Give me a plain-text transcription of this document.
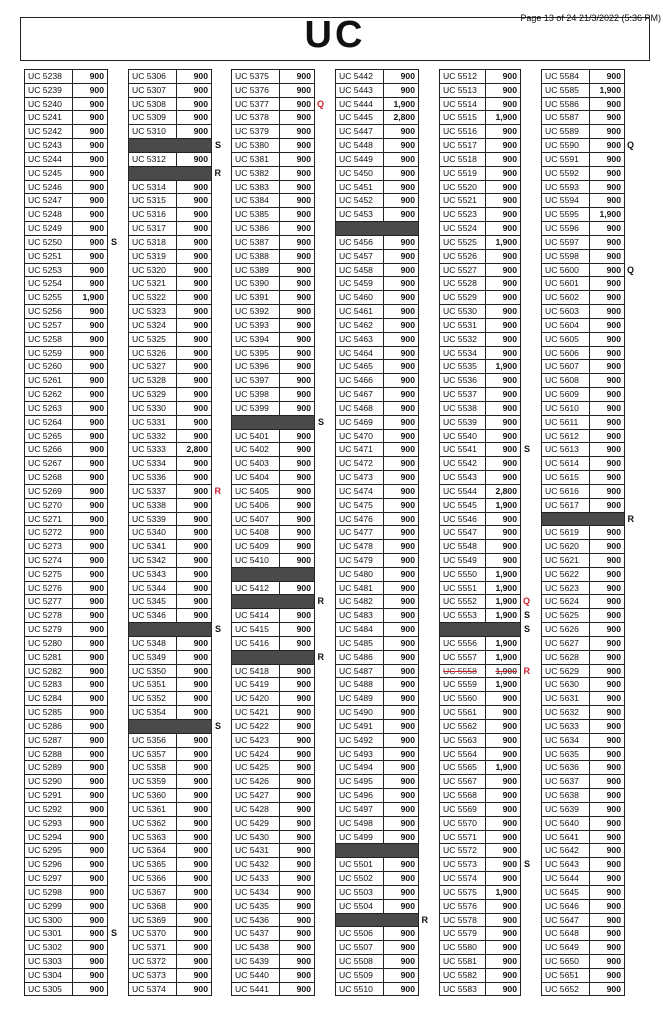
UC	Page 13 of 24 21/3/2022 (5:36 PM)
UC 5238	900
UC 5239	900
UC 5240	900
UC 5241	900
UC 5242	900
UC 5243	900
UC 5244	900
UC 5245	900
UC 5246	900
UC 5247	900
UC 5248	900
UC 5249	900
UC 5250	900 S
UC 5251	900
UC 5253	900
UC 5254	900
UC 5255	1,900
UC 5256	900
UC 5257	900
UC 5258	900
UC 5259	900
UC 5260	900
UC 5261	900
UC 5262	900
UC 5263	900
UC 5264	900
UC 5265	900
UC 5266	900
UC 5267	900
UC 5268	900
UC 5269	900
UC 5270	900
UC 5271	900
UC 5272	900
UC 5273	900
UC 5274	900
UC 5275	900
UC 5276	900
UC 5277	900
UC 5278	900
UC 5279	900
UC 5280	900
UC 5281	900
UC 5282	900
UC 5283	900
UC 5284	900
UC 5285	900
UC 5286	900
UC 5287	900
UC 5288	900
UC 5289	900
UC 5290	900
UC 5291	900
UC 5292	900
UC 5293	900
UC 5294	900
UC 5295	900
UC 5296	900
UC 5297	900
UC 5298	900
UC 5299	900
UC 5300	900
UC 5301	900 S
UC 5302	900
UC 5303	900
UC 5304	900
UC 5305	900
UC 5306	900
UC 5307	900
UC 5308	900
UC 5309	900
UC 5310	900
S
UC 5312	900
R
UC 5314	900
UC 5315	900
UC 5316	900
UC 5317	900
UC 5318	900
UC 5319	900
UC 5320	900
UC 5321	900
UC 5322	900
UC 5323	900
UC 5324	900
UC 5325	900
UC 5326	900
UC 5327	900
UC 5328	900
UC 5329	900
UC 5330	900
UC 5331	900
UC 5332	900
UC 5333	2,800
UC 5334	900
UC 5336	900
UC 5337	900 R
UC 5338	900
UC 5339	900
UC 5340	900
UC 5341	900
UC 5342	900
UC 5343	900
UC 5344	900
UC 5345	900
UC 5346	900
S
UC 5348	900
UC 5349	900
UC 5350	900
UC 5351	900
UC 5352	900
UC 5354	900
S
UC 5356	900
UC 5357	900
UC 5358	900
UC 5359	900
UC 5360	900
UC 5361	900
UC 5362	900
UC 5363	900
UC 5364	900
UC 5365	900
UC 5366	900
UC 5367	900
UC 5368	900
UC 5369	900
UC 5370	900
UC 5371	900
UC 5372	900
UC 5373	900
UC 5374	900
UC 5375	900
UC 5376	900
UC 5377	900 Q
UC 5378	900
UC 5379	900
UC 5380	900
UC 5381	900
UC 5382	900
UC 5383	900
UC 5384	900
UC 5385	900
UC 5386	900
UC 5387	900
UC 5388	900
UC 5389	900
UC 5390	900
UC 5391	900
UC 5392	900
UC 5393	900
UC 5394	900
UC 5395	900
UC 5396	900
UC 5397	900
UC 5398	900
UC 5399	900
S
UC 5401	900
UC 5402	900
UC 5403	900
UC 5404	900
UC 5405	900
UC 5406	900
UC 5407	900
UC 5408	900
UC 5409	900
UC 5410	900
UC 5412	900
R
UC 5414	900
UC 5415	900
UC 5416	900
R
UC 5418	900
UC 5419	900
UC 5420	900
UC 5421	900
UC 5422	900
UC 5423	900
UC 5424	900
UC 5425	900
UC 5426	900
UC 5427	900
UC 5428	900
UC 5429	900
UC 5430	900
UC 5431	900
UC 5432	900
UC 5433	900
UC 5434	900
UC 5435	900
UC 5436	900
UC 5437	900
UC 5438	900
UC 5439	900
UC 5440	900
UC 5441	900
UC 5442	900
UC 5443	900
UC 5444	1,900
UC 5445	2,800
UC 5447	900
UC 5448	900
UC 5449	900
UC 5450	900
UC 5451	900
UC 5452	900
UC 5453	900
UC 5456	900
UC 5457	900
UC 5458	900
UC 5459	900
UC 5460	900
UC 5461	900
UC 5462	900
UC 5463	900
UC 5464	900
UC 5465	900
UC 5466	900
UC 5467	900
UC 5468	900
UC 5469	900
UC 5470	900
UC 5471	900
UC 5472	900
UC 5473	900
UC 5474	900
UC 5475	900
UC 5476	900
UC 5477	900
UC 5478	900
UC 5479	900
UC 5480	900
UC 5481	900
UC 5482	900
UC 5483	900
UC 5484	900
UC 5485	900
UC 5486	900
UC 5487	900
UC 5488	900
UC 5489	900
UC 5490	900
UC 5491	900
UC 5492	900
UC 5493	900
UC 5494	900
UC 5495	900
UC 5496	900
UC 5497	900
UC 5498	900
UC 5499	900
UC 5501	900
UC 5502	900
UC 5503	900
UC 5504	900
R
UC 5506	900
UC 5507	900
UC 5508	900
UC 5509	900
UC 5510	900
UC 5512	900
UC 5513	900
UC 5514	900
UC 5515	1,900
UC 5516	900
UC 5517	900
UC 5518	900
UC 5519	900
UC 5520	900
UC 5521	900
UC 5523	900
UC 5524	900
UC 5525	1,900
UC 5526	900
UC 5527	900
UC 5528	900
UC 5529	900
UC 5530	900
UC 5531	900
UC 5532	900
UC 5534	900
UC 5535	1,900
UC 5536	900
UC 5537	900
UC 5538	900
UC 5539	900
UC 5540	900
UC 5541	900 S
UC 5542	900
UC 5543	900
UC 5544	2,800
UC 5545	1,900
UC 5546	900
UC 5547	900
UC 5548	900
UC 5549	900
UC 5550	1,900
UC 5551	1,900
UC 5552	1,900 Q
UC 5553	1,900 S
S
UC 5556	1,900
UC 5557	1,900
UC 5558	1,900 R
UC 5559	1,900
UC 5560	900
UC 5561	900
UC 5562	900
UC 5563	900
UC 5564	900
UC 5565	1,900
UC 5567	900
UC 5568	900
UC 5569	900
UC 5570	900
UC 5571	900
UC 5572	900
UC 5573	900 S
UC 5574	900
UC 5575	1,900
UC 5576	900
UC 5578	900
UC 5579	900
UC 5580	900
UC 5581	900
UC 5582	900
UC 5583	900
UC 5584	900
UC 5585	1,900
UC 5586	900
UC 5587	900
UC 5589	900
UC 5590	900 Q
UC 5591	900
UC 5592	900
UC 5593	900
UC 5594	900
UC 5595	1,900
UC 5596	900
UC 5597	900
UC 5598	900
UC 5600	900 Q
UC 5601	900
UC 5602	900
UC 5603	900
UC 5604	900
UC 5605	900
UC 5606	900
UC 5607	900
UC 5608	900
UC 5609	900
UC 5610	900
UC 5611	900
UC 5612	900
UC 5613	900
UC 5614	900
UC 5615	900
UC 5616	900
UC 5617	900
R
UC 5619	900
UC 5620	900
UC 5621	900
UC 5622	900
UC 5623	900
UC 5624	900
UC 5625	900
UC 5626	900
UC 5627	900
UC 5628	900
UC 5629	900
UC 5630	900
UC 5631	900
UC 5632	900
UC 5633	900
UC 5634	900
UC 5635	900
UC 5636	900
UC 5637	900
UC 5638	900
UC 5639	900
UC 5640	900
UC 5641	900
UC 5642	900
UC 5643	900
UC 5644	900
UC 5645	900
UC 5646	900
UC 5647	900
UC 5648	900
UC 5649	900
UC 5650	900
UC 5651	900
UC 5652	900
